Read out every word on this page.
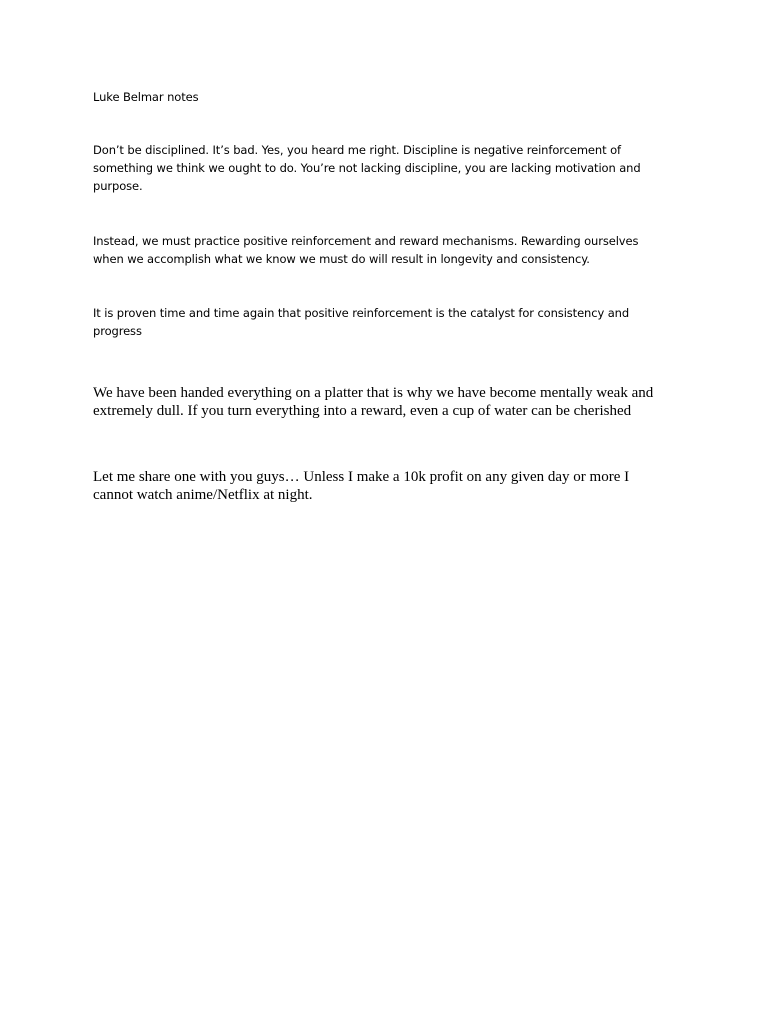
Luke Belmar notes

Don’t be disciplined. It’s bad. Yes, you heard me right. Discipline is negative reinforcement of something we think we ought to do. You’re not lacking discipline, you are lacking motivation and purpose.

Instead, we must practice positive reinforcement and reward mechanisms. Rewarding ourselves when we accomplish what we know we must do will result in longevity and consistency.

It is proven time and time again that positive reinforcement is the catalyst for consistency and progress

We have been handed everything on a platter that is why we have become mentally weak and extremely dull. If you turn everything into a reward, even a cup of water can be cherished

Let me share one with you guys… Unless I make a 10k profit on any given day or more I cannot watch anime/Netflix at night.
